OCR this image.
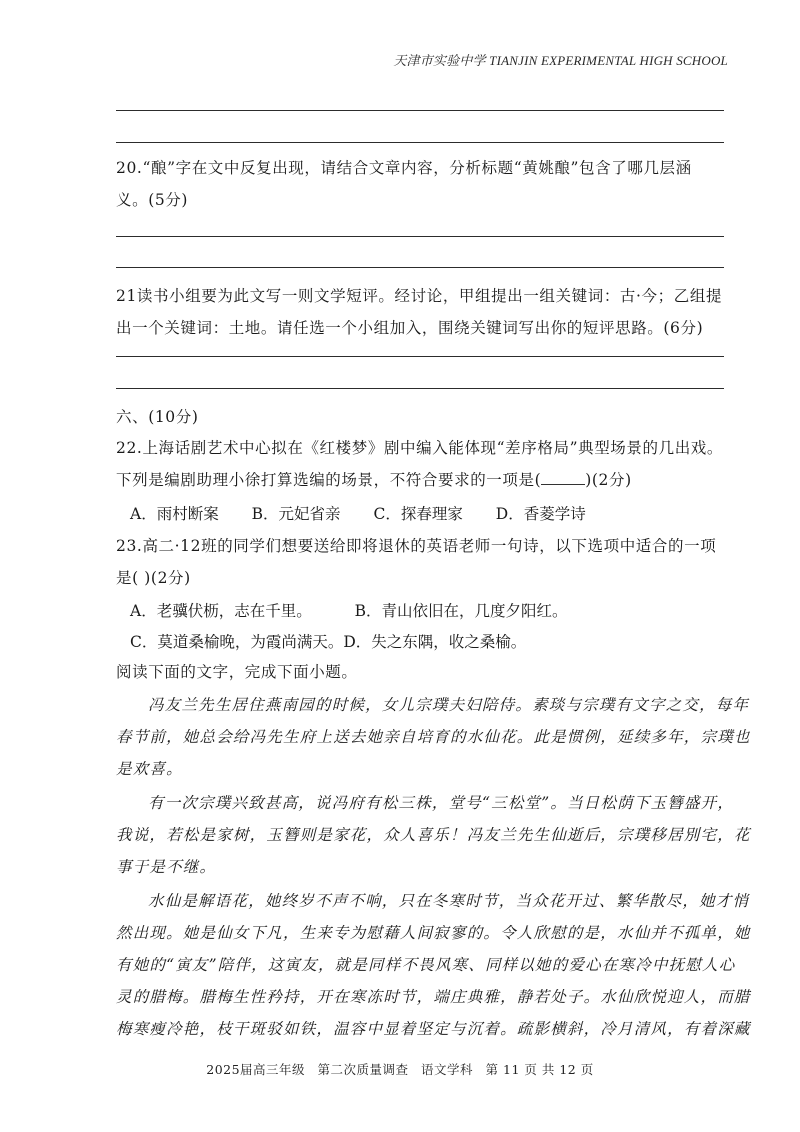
天津市实验中学 TIANJIN EXPERIMENTAL HIGH SCHOOL
20.“酿”字在文中反复出现，请结合文章内容，分析标题“黄姚酿”包含了哪几层涵
义。(5分)
21读书小组要为此文写一则文学短评。经讨论，甲组提出一组关键词：古·今；乙组提
出一个关键词：土地。请任选一个小组加入，围绕关键词写出你的短评思路。(6分)
六、(10分)
22.上海话剧艺术中心拟在《红楼梦》剧中编入能体现“差序格局”典型场景的几出戏。
下列是编剧助理小徐打算选编的场景，不符合要求的一项是(	)(2分)
A．雨村断案 B．元妃省亲 C．探春理家 D．香菱学诗
23.高二·12班的同学们想要送给即将退休的英语老师一句诗，以下选项中适合的一项
是( )(2分)
A．老骥伏枥，志在千里。	B．青山依旧在，几度夕阳红。
C．莫道桑榆晚，为霞尚满天。D．失之东隅，收之桑榆。
阅读下面的文字，完成下面小题。
冯友兰先生居住燕南园的时候，女儿宗璞夫妇陪侍。素琰与宗璞有文字之交，每年
春节前，她总会给冯先生府上送去她亲自培育的水仙花。此是惯例，延续多年，宗璞也
是欢喜。
有一次宗璞兴致甚高，说冯府有松三株，堂号“三松堂”。当日松荫下玉簪盛开，
我说，若松是家树，玉簪则是家花，众人喜乐！冯友兰先生仙逝后，宗璞移居別宅，花
事于是不继。
水仙是解语花，她终岁不声不响，只在冬寒时节，当众花开过、繁华散尽，她才悄
然出现。她是仙女下凡，生来专为慰藉人间寂寥的。令人欣慰的是，水仙并不孤单，她
有她的“寅友”陪伴，这寅友，就是同样不畏风寒、同样以她的爱心在寒冷中抚慰人心
灵的腊梅。腊梅生性矜持，开在寒冻时节，端庄典雅，静若处子。水仙欣悦迎人，而腊
梅寒瘦冷艳，枝干斑驳如铁，温容中显着坚定与沉着。疏影横斜，冷月清风，有着深藏
2025届高三年级 第二次质量调查 语文学科 第 11 页 共 12 页
